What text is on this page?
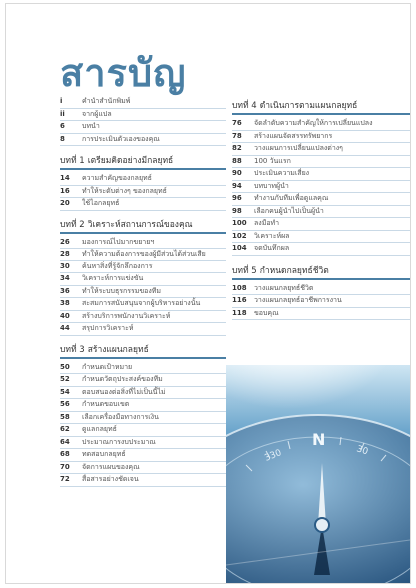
สารบัญ
i	คำนำสำนักพิมพ์
ii	จากผู้แปล
6	บทนำ
8	การประเมินตัวเองของคุณ
บทที่ 1 เตรียมคิดอย่างมีกลยุทธ์
14	ความสำคัญของกลยุทธ์
16	ทำให้ระดับต่างๆ ของกลยุทธ์
20	ใช้ไอกลยุทธ์
บทที่ 2 วิเคราะห์สถานการณ์ของคุณ
26	มองการณ์ไปมากขยายฯ
28	ทำให้ความต้องการของผู้มีส่วนได้ส่วนเสีย
30	ค้นหาสิ่งที่รู้จักลึกองการ
34	วิเคราะห์การแข่งขัน
36	ทำให้ระบบธุรกรรมของทีม
38	สะสมการสนับสนุนจากผู้บริหารอย่างนั้น
40	สร้างบริการพนักงานวิเคราะห์
44	สรุปการวิเคราะห์
บทที่ 3 สร้างแผนกลยุทธ์
50	กำหนดเป้าหมาย
52	กำหนดวัตถุประสงค์ของทีม
54	ตอบสนองต่อสิ่งที่ไม่เป็นนี้ไม่
56	กำหนดขอบเขต
58	เลือกเครื่องมือทางการเงิน
62	ดูแลกลยุทธ์
64	ประมาณการงบประมาณ
68	ทดสอบกลยุทธ์
70	จัดการแผนของคุณ
72	สื่อสารอย่างชัดเจน
บทที่ 4 ดำเนินการตามแผนกลยุทธ์
76	จัดลำดับความสำคัญให้การเปลี่ยนแปลง
78	สร้างแผนจัดสรรทรัพยากร
82	วางแผนการเปลี่ยนแปลงต่างๆ
88	100 วันแรก
90	ประเมินความเสี่ยง
94	บทบาทผู้นำ
96	ทำงานกับทีมเพื่อดูแลคุณ
98	เลือกคนผู้นำไปเป็นผู้นำ
100	ลงมือทำ
102	วิเคราะห์ผล
104	จดบันทึกผล
บทที่ 5 กำหนดกลยุทธ์ชีวิต
108	วางแผนกลยุทธ์ชีวิต
116	วางแผนกลยุทธ์อาชีพการงาน
118	ขอบคุณ
N
330	30
